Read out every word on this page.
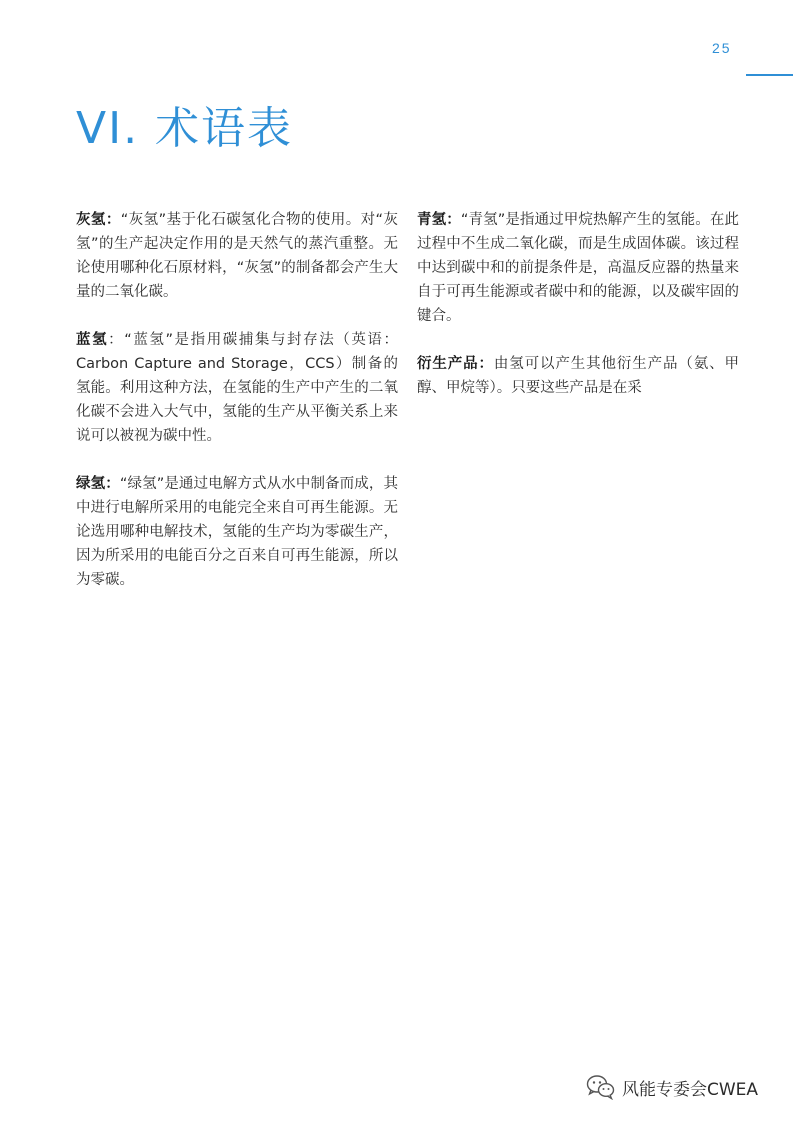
25
VI. 术语表

灰氢：“灰氢”基于化石碳氢化合物的使用。对“灰氢”的生产起决定作用的是天然气的蒸汽重整。无论使用哪种化石原材料，“灰氢”的制备都会产生大量的二氧化碳。

蓝氢：“蓝氢”是指用碳捕集与封存法（英语：Carbon Capture and Storage，CCS）制备的氢能。利用这种方法，在氢能的生产中产生的二氧化碳不会进入大气中，氢能的生产从平衡关系上来说可以被视为碳中性。

绿氢：“绿氢”是通过电解方式从水中制备而成，其中进行电解所采用的电能完全来自可再生能源。无论选用哪种电解技术，氢能的生产均为零碳生产，因为所采用的电能百分之百来自可再生能源，所以为零碳。

青氢：“青氢”是指通过甲烷热解产生的氢能。在此过程中不生成二氧化碳，而是生成固体碳。该过程中达到碳中和的前提条件是，高温反应器的热量来自于可再生能源或者碳中和的能源，以及碳牢固的键合。

衍生产品：由氢可以产生其他衍生产品（氨、甲醇、甲烷等）。只要这些产品是在采

风能专委会CWEA
